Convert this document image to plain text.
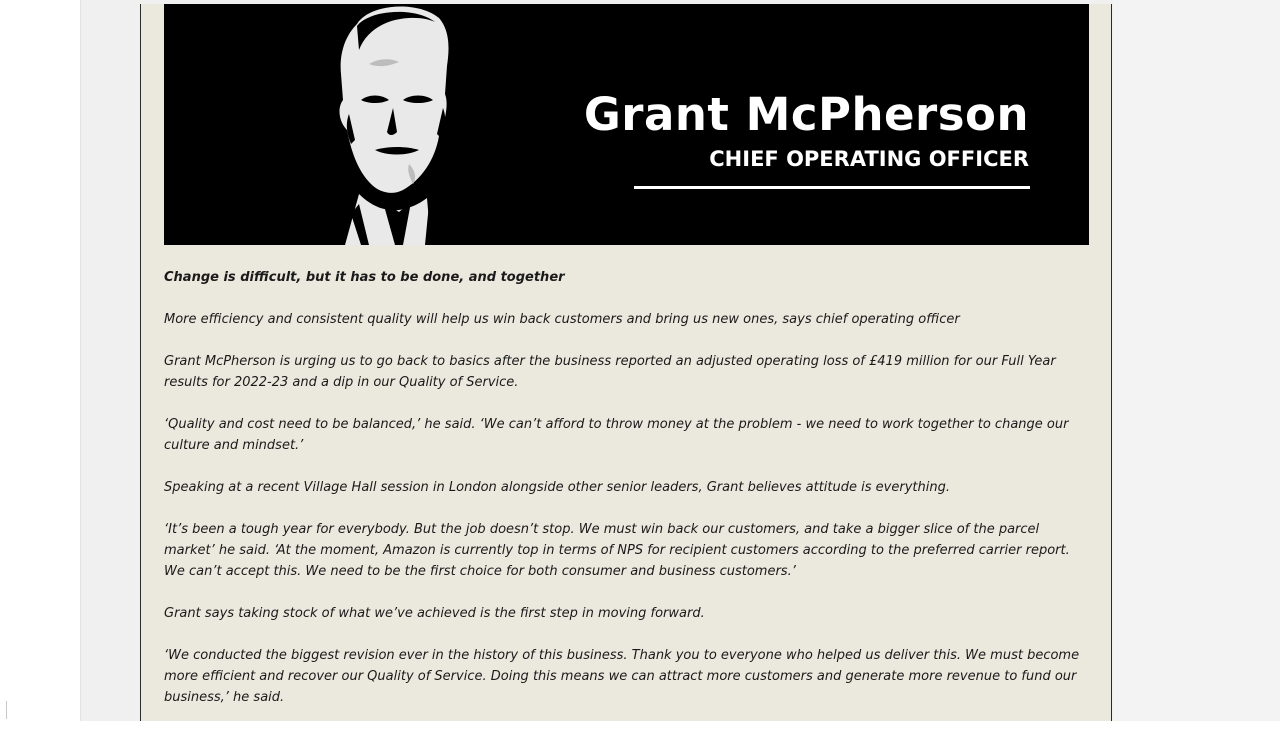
Grant McPherson
CHIEF OPERATING OFFICER

Change is difficult, but it has to be done, and together

More efficiency and consistent quality will help us win back customers and bring us new ones, says chief operating officer

Grant McPherson is urging us to go back to basics after the business reported an adjusted operating loss of £419 million for our Full Year results for 2022-23 and a dip in our Quality of Service.

‘Quality and cost need to be balanced,’ he said. ‘We can’t afford to throw money at the problem - we need to work together to change our culture and mindset.’

Speaking at a recent Village Hall session in London alongside other senior leaders, Grant believes attitude is everything.

‘It’s been a tough year for everybody. But the job doesn’t stop. We must win back our customers, and take a bigger slice of the parcel market’ he said. ‘At the moment, Amazon is currently top in terms of NPS for recipient customers according to the preferred carrier report. We can’t accept this. We need to be the first choice for both consumer and business customers.’

Grant says taking stock of what we’ve achieved is the first step in moving forward.

‘We conducted the biggest revision ever in the history of this business. Thank you to everyone who helped us deliver this. We must become more efficient and recover our Quality of Service. Doing this means we can attract more customers and generate more revenue to fund our business,’ he said.
